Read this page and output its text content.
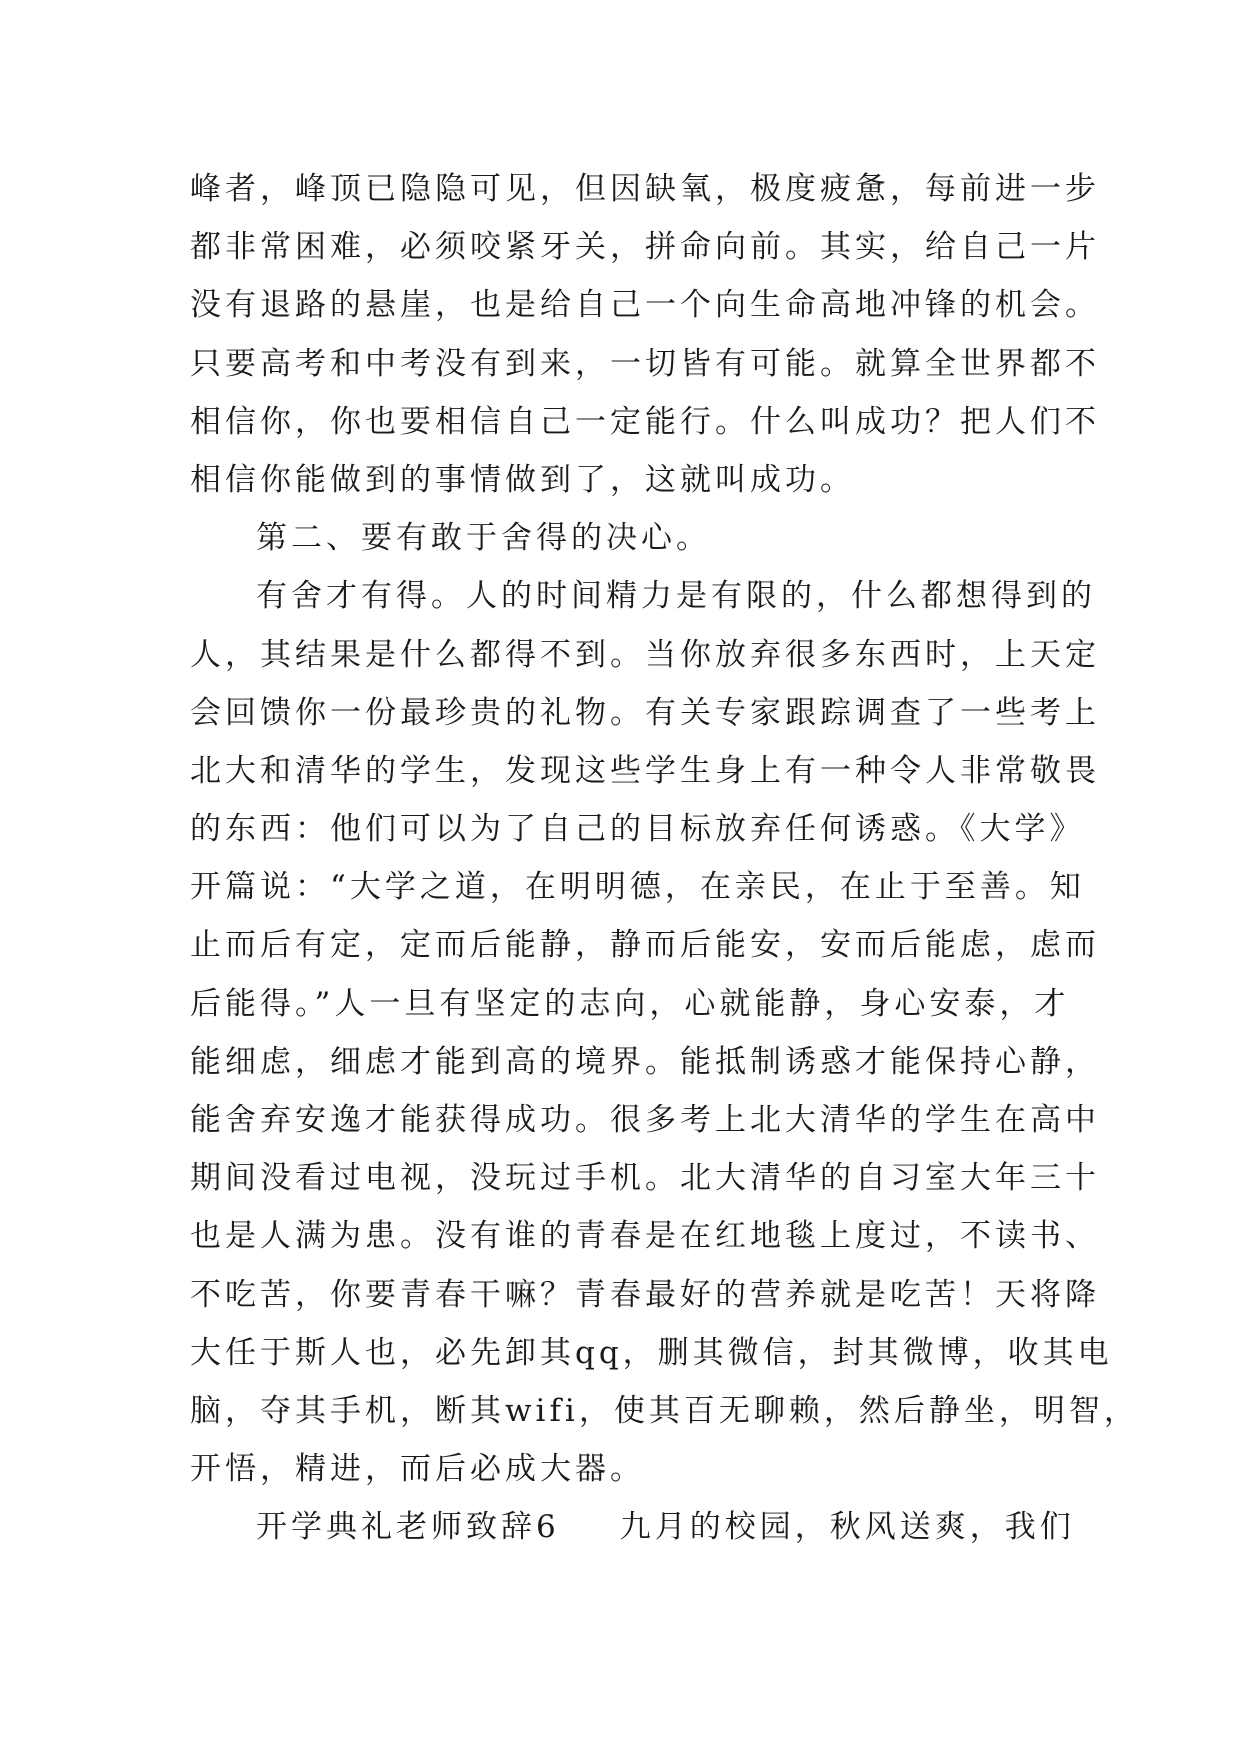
峰者，峰顶已隐隐可见，但因缺氧，极度疲惫，每前进一步
都非常困难，必须咬紧牙关，拼命向前。其实，给自己一片
没有退路的悬崖，也是给自己一个向生命高地冲锋的机会。
只要高考和中考没有到来，一切皆有可能。就算全世界都不
相信你，你也要相信自己一定能行。什么叫成功？把人们不
相信你能做到的事情做到了，这就叫成功。
第二、要有敢于舍得的决心。
有舍才有得。人的时间精力是有限的，什么都想得到的
人，其结果是什么都得不到。当你放弃很多东西时，上天定
会回馈你一份最珍贵的礼物。有关专家跟踪调查了一些考上
北大和清华的学生，发现这些学生身上有一种令人非常敬畏
的东西：他们可以为了自己的目标放弃任何诱惑。《大学》
开篇说：“大学之道，在明明德，在亲民，在止于至善。知
止而后有定，定而后能静，静而后能安，安而后能虑，虑而
后能得。”人一旦有坚定的志向，心就能静，身心安泰，才
能细虑，细虑才能到高的境界。能抵制诱惑才能保持心静，
能舍弃安逸才能获得成功。很多考上北大清华的学生在高中
期间没看过电视，没玩过手机。北大清华的自习室大年三十
也是人满为患。没有谁的青春是在红地毯上度过，不读书、
不吃苦，你要青春干嘛？青春最好的营养就是吃苦！天将降
大任于斯人也，必先卸其qq，删其微信，封其微博，收其电
脑，夺其手机，断其wifi，使其百无聊赖，然后静坐，明智，
开悟，精进，而后必成大器。
开学典礼老师致辞6 九月的校园，秋风送爽，我们
